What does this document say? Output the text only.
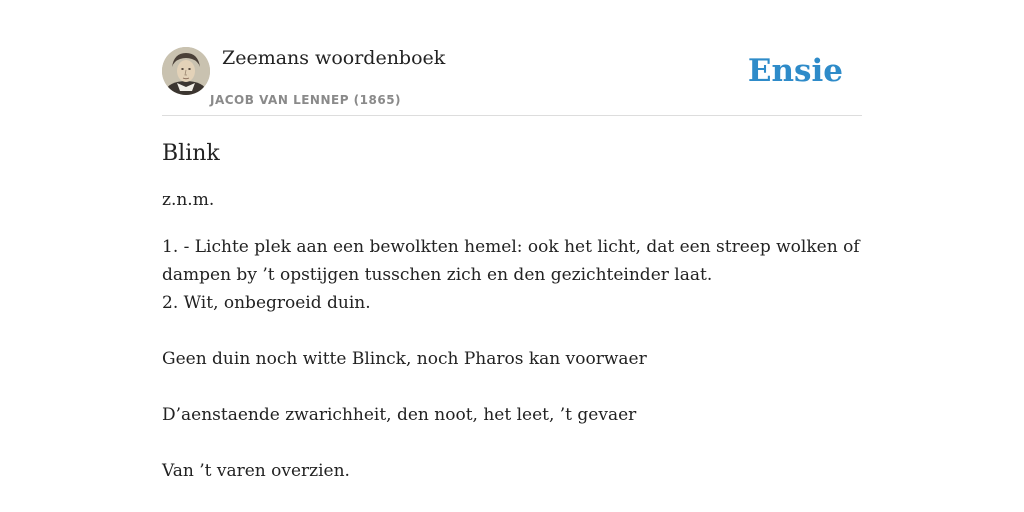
Zeemans woordenboek
JACOB VAN LENNEP (1865)
Ensie
Blink

z.n.m.

1. - Lichte plek aan een bewolkten hemel: ook het licht, dat een streep wolken of dampen by ’t opstijgen tusschen zich en den gezichteinder laat.

2. Wit, onbegroeid duin.

Geen duin noch witte Blinck, noch Pharos kan voorwaer

D’aenstaende zwarichheit, den noot, het leet, ’t gevaer

Van ’t varen overzien.
